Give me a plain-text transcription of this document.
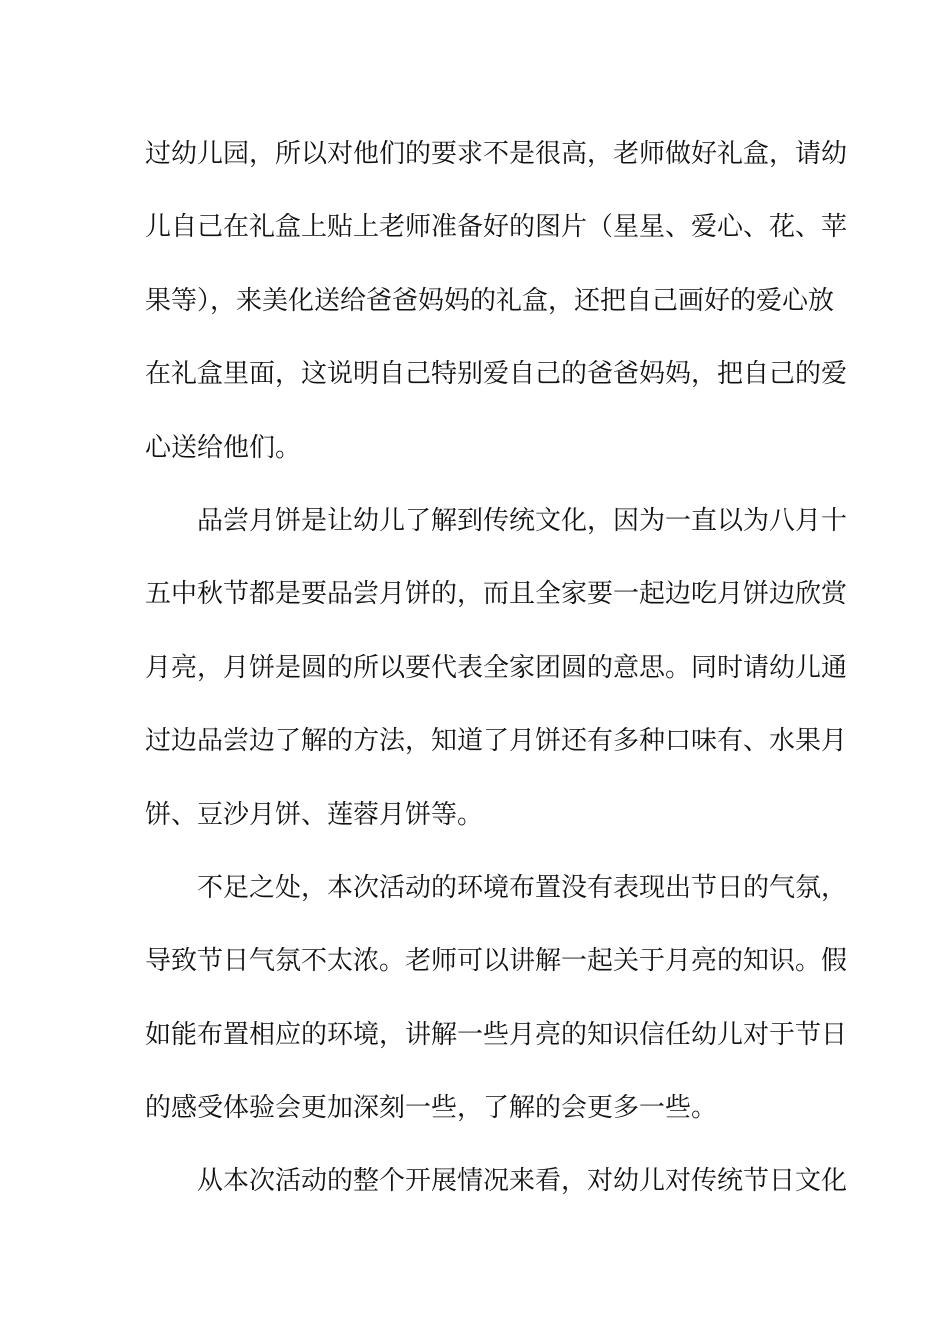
过幼儿园，所以对他们的要求不是很高，老师做好礼盒，请幼
儿自己在礼盒上贴上老师准备好的图片（星星、爱心、花、苹
果等），来美化送给爸爸妈妈的礼盒，还把自己画好的爱心放
在礼盒里面，这说明自己特别爱自己的爸爸妈妈，把自己的爱
心送给他们。
品尝月饼是让幼儿了解到传统文化，因为一直以为八月十
五中秋节都是要品尝月饼的，而且全家要一起边吃月饼边欣赏
月亮，月饼是圆的所以要代表全家团圆的意思。同时请幼儿通
过边品尝边了解的方法，知道了月饼还有多种口味有、水果月
饼、豆沙月饼、莲蓉月饼等。
不足之处，本次活动的环境布置没有表现出节日的气氛，
导致节日气氛不太浓。老师可以讲解一起关于月亮的知识。假
如能布置相应的环境，讲解一些月亮的知识信任幼儿对于节日
的感受体验会更加深刻一些，了解的会更多一些。
从本次活动的整个开展情况来看，对幼儿对传统节日文化
